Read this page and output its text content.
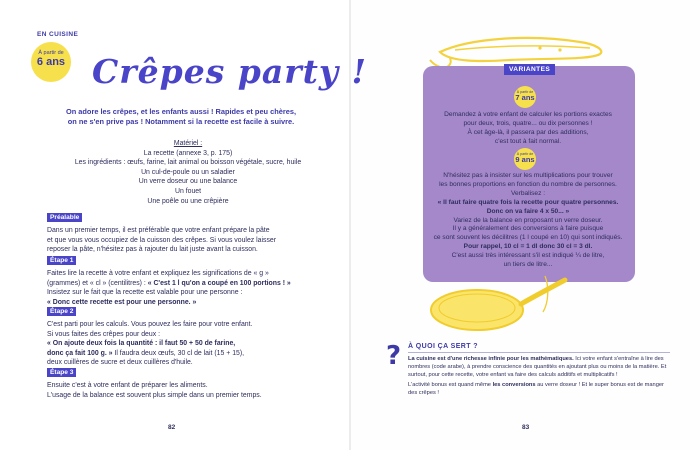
EN CUISINE
À partir de
6 ans Crêpes party !
On adore les crêpes, et les enfants aussi ! Rapides et peu chères,
on ne s'en prive pas ! Notamment si la recette est facile à suivre.
Matériel :
La recette (annexe 3, p. 175)
Les ingrédients : œufs, farine, lait animal ou boisson végétale, sucre, huile
Un cul-de-poule ou un saladier
Un verre doseur ou une balance
Un fouet
Une poêle ou une crêpière
Préalable
Dans un premier temps, il est préférable que votre enfant prépare la pâte
et que vous vous occupiez de la cuisson des crêpes. Si vous voulez laisser
reposer la pâte, n'hésitez pas à rajouter du lait juste avant la cuisson.
Étape 1
Faites lire la recette à votre enfant et expliquez les significations de « g »
(grammes) et « cl » (centilitres) : « C'est 1 l qu'on a coupé en 100 portions ! »
Insistez sur le fait que la recette est valable pour une personne :
« Donc cette recette est pour une personne. »
Étape 2
C'est parti pour les calculs. Vous pouvez les faire pour votre enfant.
Si vous faites des crêpes pour deux :
« On ajoute deux fois la quantité : il faut 50 + 50 de farine,
donc ça fait 100 g. » Il faudra deux œufs, 30 cl de lait (15 + 15),
deux cuillères de sucre et deux cuillères d'huile.
Étape 3
Ensuite c'est à votre enfant de préparer les aliments.
L'usage de la balance est souvent plus simple dans un premier temps.
82
VARIANTES
À partir de
7 ans
Demandez à votre enfant de calculer les portions exactes
pour deux, trois, quatre... ou dix personnes !
À cet âge-là, il passera par des additions,
c'est tout à fait normal.
À partir de
9 ans
N'hésitez pas à insister sur les multiplications pour trouver
les bonnes proportions en fonction du nombre de personnes.
Verbalisez :
« Il faut faire quatre fois la recette pour quatre personnes.
Donc on va faire 4 x 50... »
Variez de la balance en proposant un verre doseur.
Il y a généralement des conversions à faire puisque
ce sont souvent les décilitres (1 l coupé en 10) qui sont indiqués.
Pour rappel, 10 cl = 1 dl donc 30 cl = 3 dl.
C'est aussi très intéressant s'il est indiqué ¼ de litre,
un tiers de litre...
? À QUOI ÇA SERT ?
La cuisine est d'une richesse infinie pour les mathématiques. Ici votre enfant s'entraîne à lire des nombres (code arabe), à prendre conscience des quantités en ajoutant plus ou moins de la matière. Et surtout, pour cette recette, votre enfant va faire des calculs additifs et multiplicatifs !
L'activité bonus est quand même les conversions au verre doseur ! Et le super bonus est de manger des crêpes !
83
